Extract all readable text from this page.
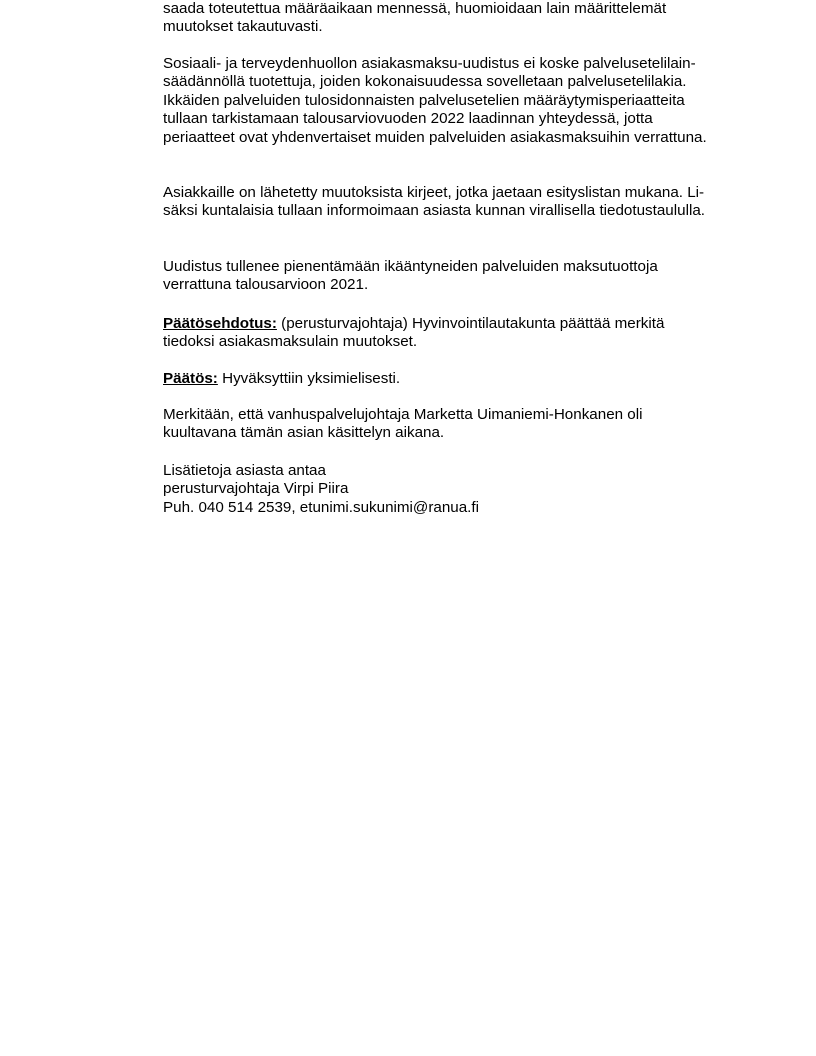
saada toteutettua määräaikaan mennessä, huomioidaan lain määrittelemät
muutokset takautuvasti.
Sosiaali- ja terveydenhuollon asiakasmaksu-uudistus ei koske palvelusetelilain-
säädännöllä tuotettuja, joiden kokonaisuudessa sovelletaan palvelusetelilakia.
Ikkäiden palveluiden tulosidonnaisten palvelusetelien määräytymisperiaatteita
tullaan tarkistamaan talousarviovuoden 2022 laadinnan yhteydessä, jotta
periaatteet ovat yhdenvertaiset muiden palveluiden asiakasmaksuihin verrattuna.
Asiakkaille on lähetetty muutoksista kirjeet, jotka jaetaan esityslistan mukana. Li-
säksi kuntalaisia tullaan informoimaan asiasta kunnan virallisella tiedotustaululla.
Uudistus tullenee pienentämään ikääntyneiden palveluiden maksutuottoja
verrattuna talousarvioon 2021.
Päätösehdotus: (perusturvajohtaja) Hyvinvointilautakunta päättää merkitä
tiedoksi asiakasmaksulain muutokset.
Päätös: Hyväksyttiin yksimielisesti.
Merkitään, että vanhuspalvelujohtaja Marketta Uimaniemi-Honkanen oli
kuultavana tämän asian käsittelyn aikana.
Lisätietoja asiasta antaa
perusturvajohtaja Virpi Piira
Puh. 040 514 2539, etunimi.sukunimi@ranua.fi
